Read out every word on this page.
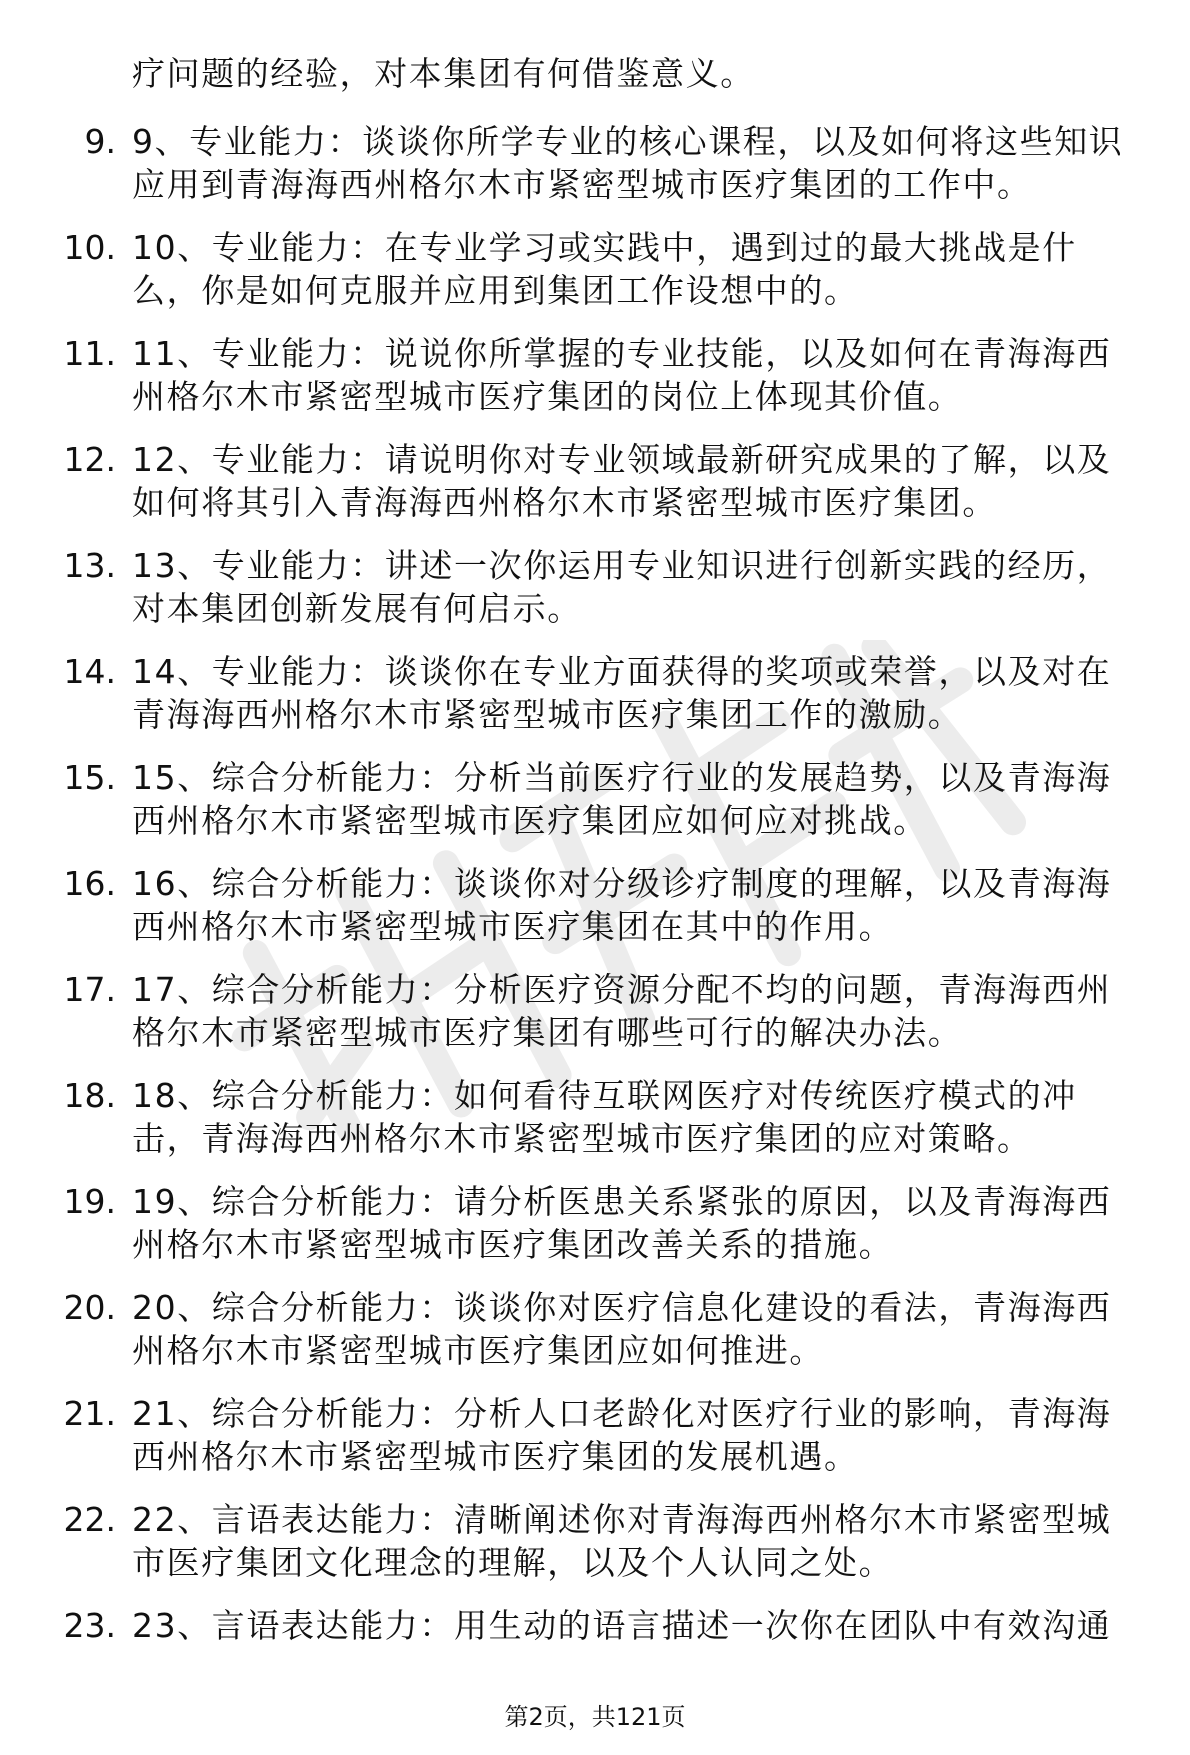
疗问题的经验，对本集团有何借鉴意义。
9. 9、专业能力：谈谈你所学专业的核心课程，以及如何将这些知识
应用到青海海西州格尔木市紧密型城市医疗集团的工作中。
10. 10、专业能力：在专业学习或实践中，遇到过的最大挑战是什
么，你是如何克服并应用到集团工作设想中的。
11. 11、专业能力：说说你所掌握的专业技能，以及如何在青海海西
州格尔木市紧密型城市医疗集团的岗位上体现其价值。
12. 12、专业能力：请说明你对专业领域最新研究成果的了解，以及
如何将其引入青海海西州格尔木市紧密型城市医疗集团。
13. 13、专业能力：讲述一次你运用专业知识进行创新实践的经历，
对本集团创新发展有何启示。
14. 14、专业能力：谈谈你在专业方面获得的奖项或荣誉，以及对在
青海海西州格尔木市紧密型城市医疗集团工作的激励。
15. 15、综合分析能力：分析当前医疗行业的发展趋势，以及青海海
西州格尔木市紧密型城市医疗集团应如何应对挑战。
16. 16、综合分析能力：谈谈你对分级诊疗制度的理解，以及青海海
西州格尔木市紧密型城市医疗集团在其中的作用。
17. 17、综合分析能力：分析医疗资源分配不均的问题，青海海西州
格尔木市紧密型城市医疗集团有哪些可行的解决办法。
18. 18、综合分析能力：如何看待互联网医疗对传统医疗模式的冲
击，青海海西州格尔木市紧密型城市医疗集团的应对策略。
19. 19、综合分析能力：请分析医患关系紧张的原因，以及青海海西
州格尔木市紧密型城市医疗集团改善关系的措施。
20. 20、综合分析能力：谈谈你对医疗信息化建设的看法，青海海西
州格尔木市紧密型城市医疗集团应如何推进。
21. 21、综合分析能力：分析人口老龄化对医疗行业的影响，青海海
西州格尔木市紧密型城市医疗集团的发展机遇。
22. 22、言语表达能力：清晰阐述你对青海海西州格尔木市紧密型城
市医疗集团文化理念的理解，以及个人认同之处。
23. 23、言语表达能力：用生动的语言描述一次你在团队中有效沟通
第2页，共121页
